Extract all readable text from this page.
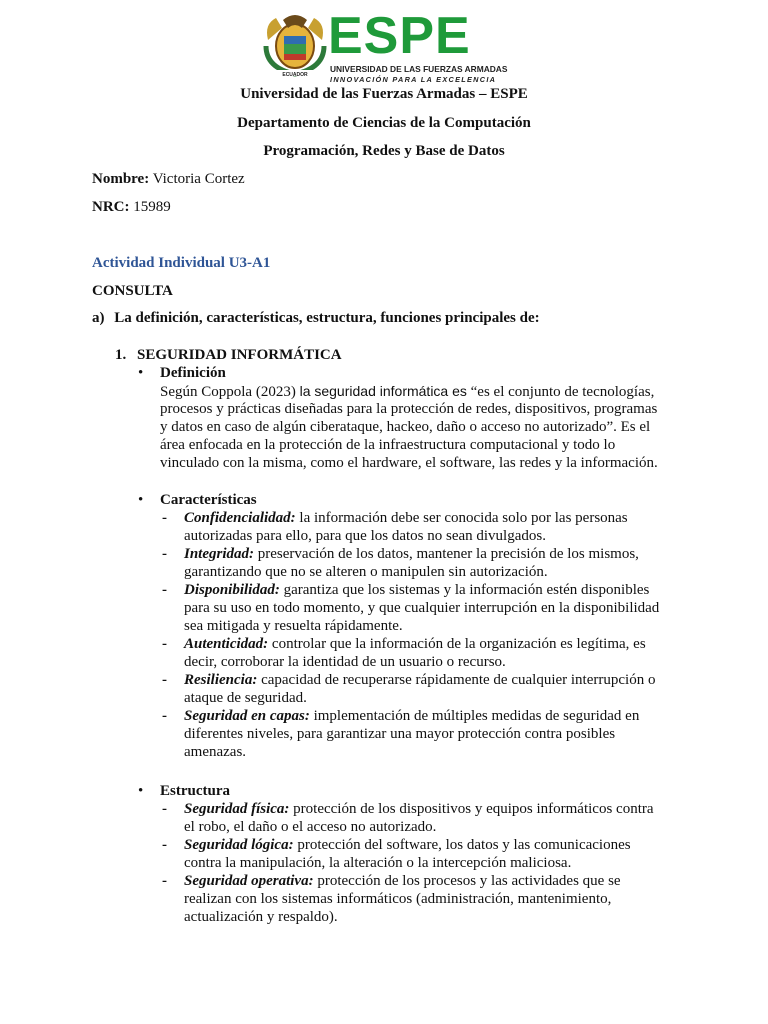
ECUADOR
ESPE
UNIVERSIDAD DE LAS FUERZAS ARMADAS
INNOVACIÓN PARA LA EXCELENCIA
Universidad de las Fuerzas Armadas – ESPE
Departamento de Ciencias de la Computación
Programación, Redes y Base de Datos
Nombre: Victoria Cortez
NRC: 15989
Actividad Individual U3-A1
CONSULTA
a) La definición, características, estructura, funciones principales de:
1. SEGURIDAD INFORMÁTICA
• Definición
Según Coppola (2023) la seguridad informática es “es el conjunto de tecnologías,
procesos y prácticas diseñadas para la protección de redes, dispositivos, programas
y datos en caso de algún ciberataque, hackeo, daño o acceso no autorizado”. Es el
área enfocada en la protección de la infraestructura computacional y todo lo
vinculado con la misma, como el hardware, el software, las redes y la información.
• Características
- Confidencialidad: la información debe ser conocida solo por las personas
autorizadas para ello, para que los datos no sean divulgados.
- Integridad: preservación de los datos, mantener la precisión de los mismos,
garantizando que no se alteren o manipulen sin autorización.
- Disponibilidad: garantiza que los sistemas y la información estén disponibles
para su uso en todo momento, y que cualquier interrupción en la disponibilidad
sea mitigada y resuelta rápidamente.
- Autenticidad: controlar que la información de la organización es legítima, es
decir, corroborar la identidad de un usuario o recurso.
- Resiliencia: capacidad de recuperarse rápidamente de cualquier interrupción o
ataque de seguridad.
- Seguridad en capas: implementación de múltiples medidas de seguridad en
diferentes niveles, para garantizar una mayor protección contra posibles
amenazas.
• Estructura
- Seguridad física: protección de los dispositivos y equipos informáticos contra
el robo, el daño o el acceso no autorizado.
- Seguridad lógica: protección del software, los datos y las comunicaciones
contra la manipulación, la alteración o la intercepción maliciosa.
- Seguridad operativa: protección de los procesos y las actividades que se
realizan con los sistemas informáticos (administración, mantenimiento,
actualización y respaldo).
